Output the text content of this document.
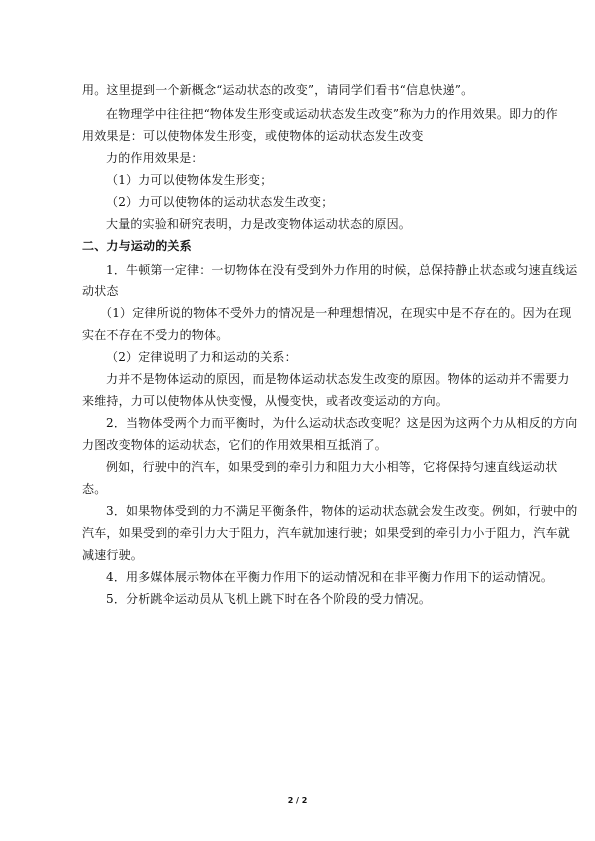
用。这里提到一个新概念“运动状态的改变”，请同学们看书“信息快递”。
在物理学中往往把“物体发生形变或运动状态发生改变”称为力的作用效果。即力的作
用效果是：可以使物体发生形变，或使物体的运动状态发生改变
力的作用效果是：
（1）力可以使物体发生形变；
（2）力可以使物体的运动状态发生改变；
大量的实验和研究表明，力是改变物体运动状态的原因。
二、力与运动的关系
1．牛顿第一定律：一切物体在没有受到外力作用的时候，总保持静止状态或匀速直线运
动状态
（1）定律所说的物体不受外力的情况是一种理想情况，在现实中是不存在的。因为在现
实在不存在不受力的物体。
（2）定律说明了力和运动的关系：
力并不是物体运动的原因，而是物体运动状态发生改变的原因。物体的运动并不需要力
来维持，力可以使物体从快变慢，从慢变快，或者改变运动的方向。
2．当物体受两个力而平衡时，为什么运动状态改变呢？这是因为这两个力从相反的方向
力图改变物体的运动状态，它们的作用效果相互抵消了。
例如，行驶中的汽车，如果受到的牵引力和阻力大小相等，它将保持匀速直线运动状
态。
3．如果物体受到的力不满足平衡条件，物体的运动状态就会发生改变。例如，行驶中的
汽车，如果受到的牵引力大于阻力，汽车就加速行驶；如果受到的牵引力小于阻力，汽车就
减速行驶。
4．用多媒体展示物体在平衡力作用下的运动情况和在非平衡力作用下的运动情况。
5．分析跳伞运动员从飞机上跳下时在各个阶段的受力情况。
2 / 2
